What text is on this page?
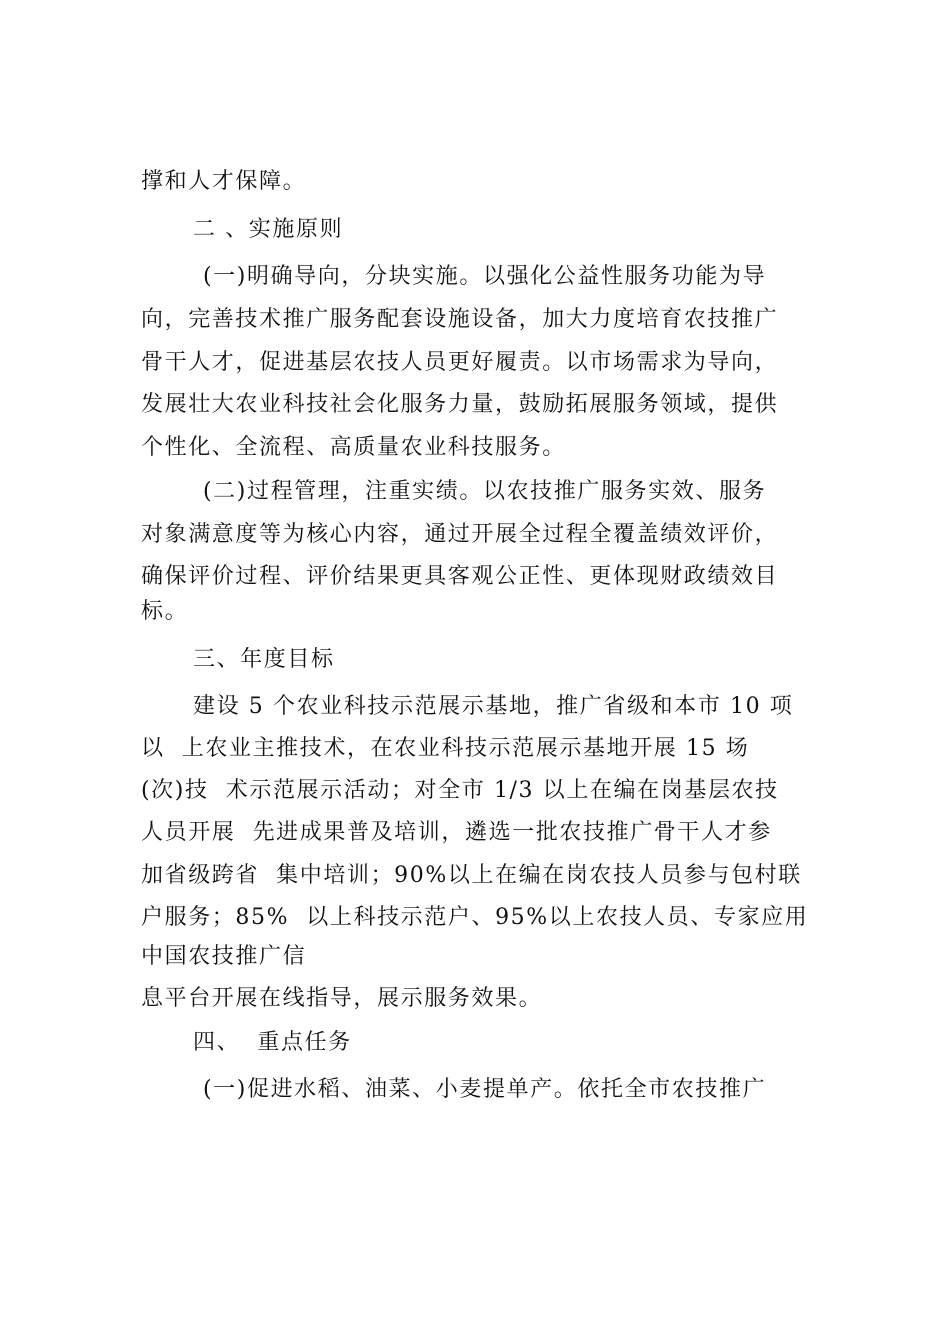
撑和人才保障。
二 、实施原则
(一)明确导向，分块实施。以强化公益性服务功能为导
向，完善技术推广服务配套设施设备，加大力度培育农技推广
骨干人才，促进基层农技人员更好履责。以市场需求为导向，
发展壮大农业科技社会化服务力量，鼓励拓展服务领域，提供
个性化、全流程、高质量农业科技服务。
(二)过程管理，注重实绩。以农技推广服务实效、服务
对象满意度等为核心内容，通过开展全过程全覆盖绩效评价，
确保评价过程、评价结果更具客观公正性、更体现财政绩效目
标。
三、年度目标
建设 5 个农业科技示范展示基地，推广省级和本市 10 项
以  上农业主推技术，在农业科技示范展示基地开展 15 场
(次)技  术示范展示活动；对全市 1/3 以上在编在岗基层农技
人员开展  先进成果普及培训，遴选一批农技推广骨干人才参
加省级跨省  集中培训；90%以上在编在岗农技人员参与包村联
户服务；85%  以上科技示范户、95%以上农技人员、专家应用
中国农技推广信
息平台开展在线指导，展示服务效果。
四、  重点任务
(一)促进水稻、油菜、小麦提单产。依托全市农技推广
